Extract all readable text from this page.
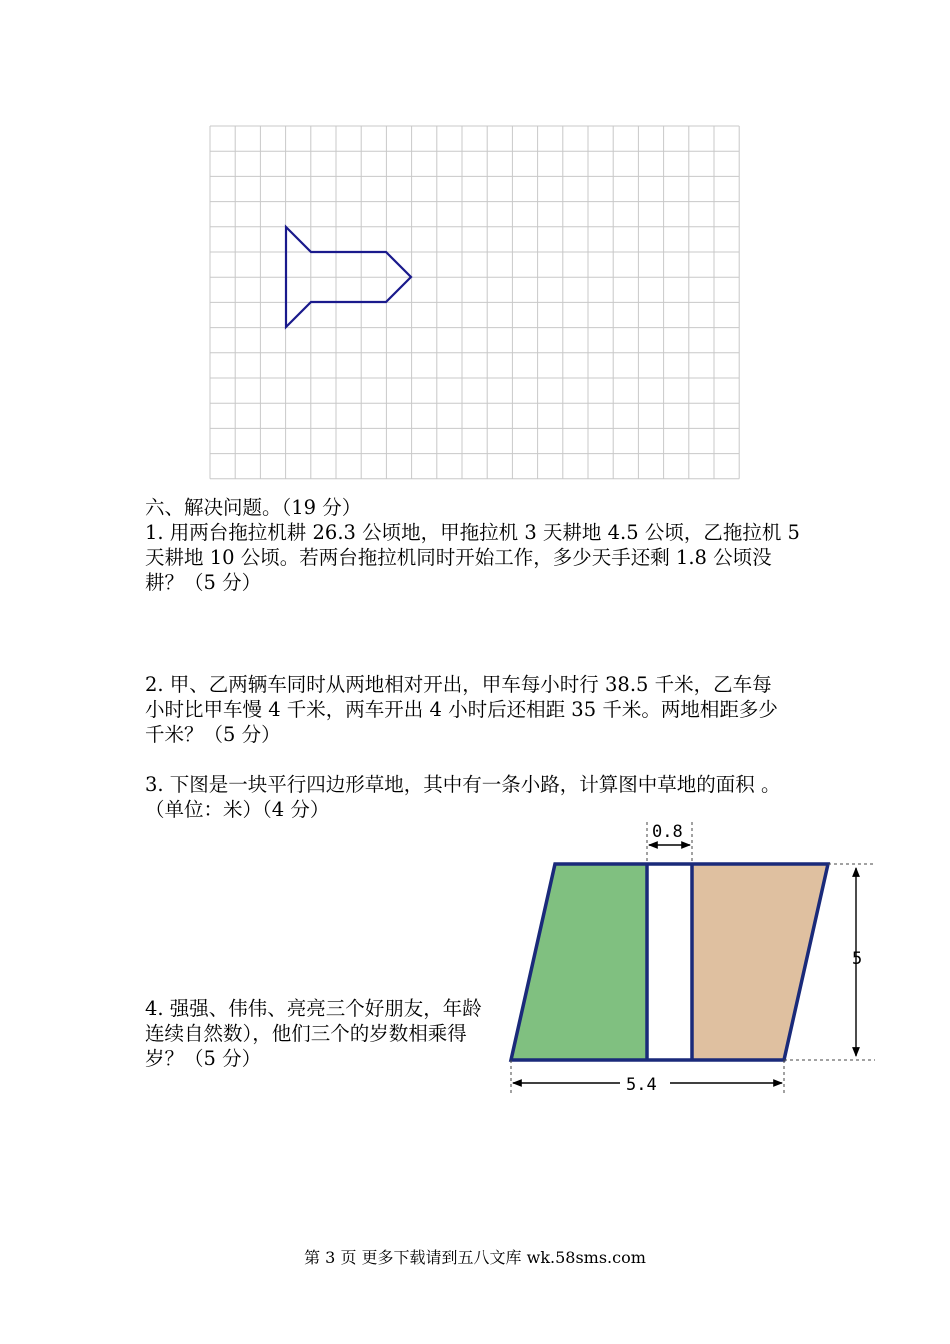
六、解决问题。（19 分）
1. 用两台拖拉机耕 26.3 公顷地，甲拖拉机 3 天耕地 4.5 公顷，乙拖拉机 5
天耕地 10 公顷。若两台拖拉机同时开始工作，多少天手还剩 1.8 公顷没
耕？（5 分）
2. 甲、乙两辆车同时从两地相对开出，甲车每小时行 38.5 千米，乙车每
小时比甲车慢 4 千米，两车开出 4 小时后还相距 35 千米。两地相距多少
千米？（5 分）
3. 下图是一块平行四边形草地，其中有一条小路，计算图中草地的面积 。
（单位：米）（4 分）
4. 强强、伟伟、亮亮三个好朋友，年龄
连续自然数），他们三个的岁数相乘得
岁？（5 分）
0.8
5
5.4
第 3 页 更多下载请到五八文库 wk.58sms.com
